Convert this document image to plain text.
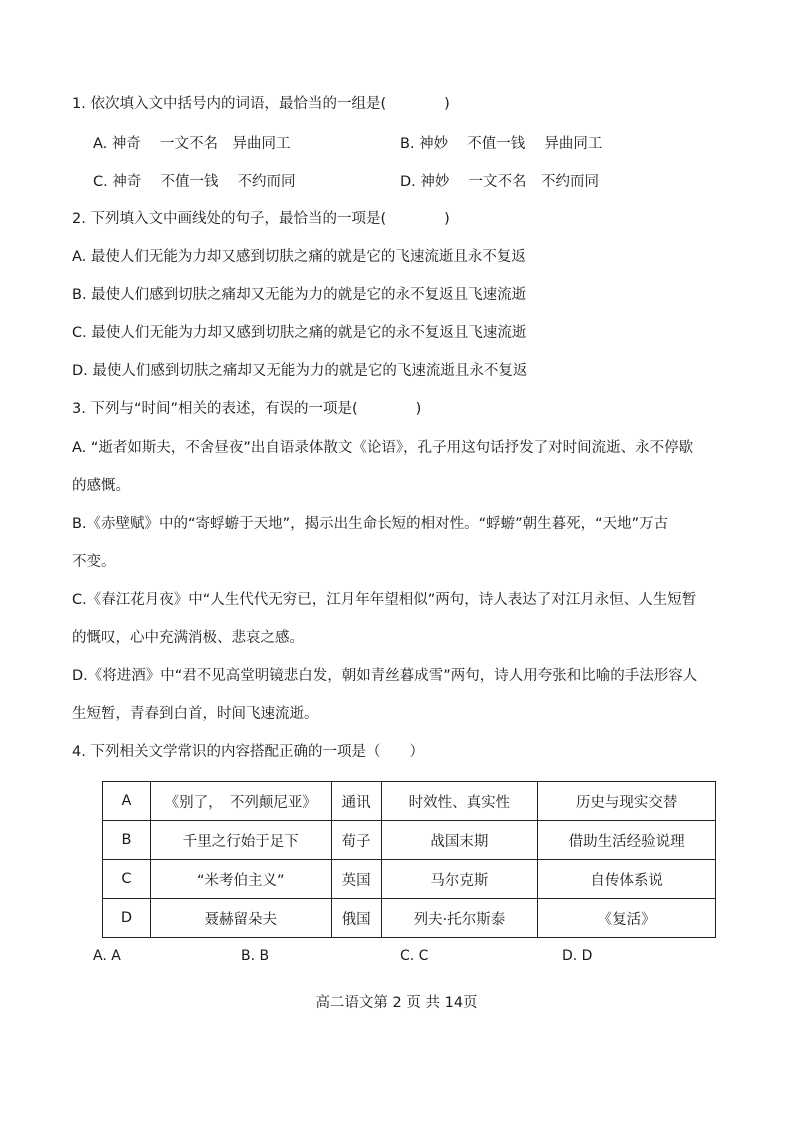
1. 依次填入文中括号内的词语，最恰当的一组是(　　　　)
A. 神奇　 一文不名　异曲同工	B. 神妙　 不值一钱　 异曲同工
C. 神奇　 不值一钱　 不约而同	D. 神妙　 一文不名　不约而同
2. 下列填入文中画线处的句子，最恰当的一项是(　　　　)
A. 最使人们无能为力却又感到切肤之痛的就是它的飞速流逝且永不复返
B. 最使人们感到切肤之痛却又无能为力的就是它的永不复返且飞速流逝
C. 最使人们无能为力却又感到切肤之痛的就是它的永不复返且飞速流逝
D. 最使人们感到切肤之痛却又无能为力的就是它的飞速流逝且永不复返
3. 下列与“时间”相关的表述，有误的一项是(　　　　)
A. “逝者如斯夫，不舍昼夜”出自语录体散文《论语》，孔子用这句话抒发了对时间流逝、永不停歇
的感慨。
B.《赤壁赋》中的“寄蜉蝣于天地”，揭示出生命长短的相对性。“蜉蝣”朝生暮死，“天地”万古
不变。
C.《春江花月夜》中“人生代代无穷已，江月年年望相似”两句，诗人表达了对江月永恒、人生短暂
的慨叹，心中充满消极、悲哀之感。
D.《将进酒》中“君不见高堂明镜悲白发，朝如青丝暮成雪”两句，诗人用夸张和比喻的手法形容人
生短暂，青春到白首，时间飞速流逝。
4. 下列相关文学常识的内容搭配正确的一项是（　　）
A	《别了，　不列颠尼亚》	通讯	时效性、真实性	历史与现实交替
B	千里之行始于足下	荀子	战国末期	借助生活经验说理
C	“米考伯主义”	英国	马尔克斯	自传体系说
D	聂赫留朵夫	俄国	列夫·托尔斯泰	《复活》
A. A	B. B	C. C	D. D
高二语文第 2 页 共 14页
